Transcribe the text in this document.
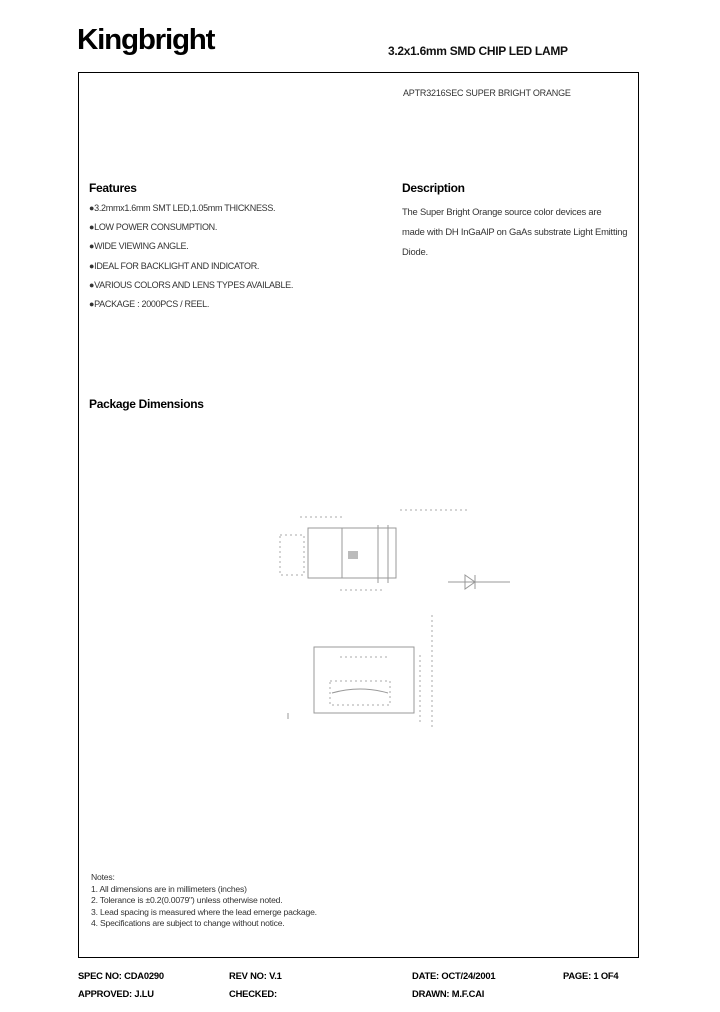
Kingbright	3.2x1.6mm SMD CHIP LED LAMP
APTR3216SEC SUPER BRIGHT ORANGE
Features
●3.2mmx1.6mm SMT LED,1.05mm THICKNESS.
●LOW POWER CONSUMPTION.
●WIDE VIEWING ANGLE.
●IDEAL FOR BACKLIGHT AND INDICATOR.
●VARIOUS COLORS AND LENS TYPES AVAILABLE.
●PACKAGE : 2000PCS / REEL.
Description
The Super Bright Orange source color devices are
made with DH InGaAlP on GaAs substrate Light Emitting
Diode.
Package Dimensions
Notes:
1. All dimensions are in millimeters (inches)
2. Tolerance is ±0.2(0.0079") unless otherwise noted.
3. Lead spacing is measured where the lead emerge package.
4. Specifications are subject to change without notice.
SPEC NO: CDA0290	REV NO: V.1	DATE: OCT/24/2001	PAGE: 1 OF4
APPROVED: J.LU	CHECKED:	DRAWN: M.F.CAI
